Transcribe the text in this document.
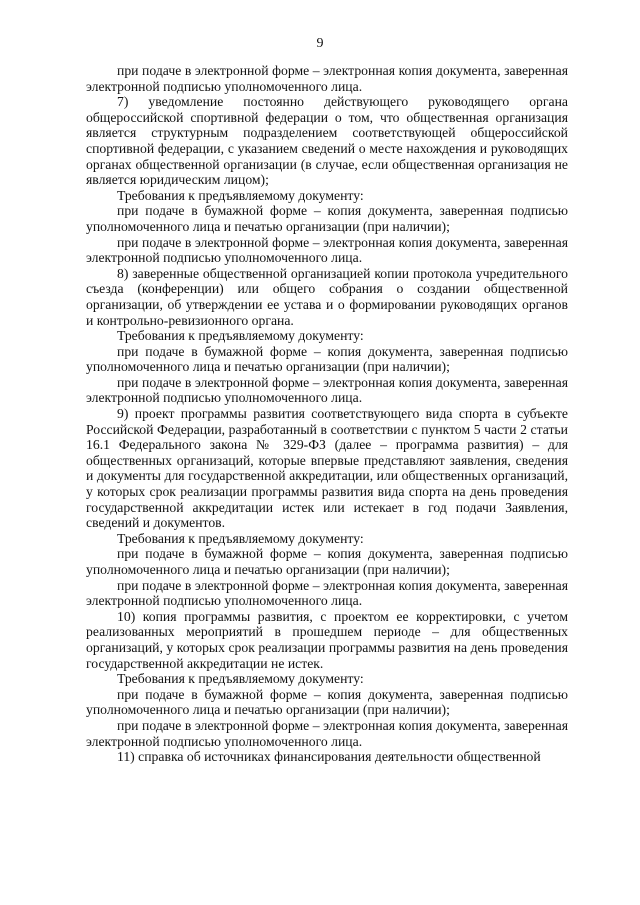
9

при подаче в электронной форме – электронная копия документа, заверенная электронной подписью уполномоченного лица.

7) уведомление постоянно действующего руководящего органа общероссийской спортивной федерации о том, что общественная организация является структурным подразделением соответствующей общероссийской спортивной федерации, с указанием сведений о месте нахождения и руководящих органах общественной организации (в случае, если общественная организация не является юридическим лицом);

Требования к предъявляемому документу:

при подаче в бумажной форме – копия документа, заверенная подписью уполномоченного лица и печатью организации (при наличии);

при подаче в электронной форме – электронная копия документа, заверенная электронной подписью уполномоченного лица.

8) заверенные общественной организацией копии протокола учредительного съезда (конференции) или общего собрания о создании общественной организации, об утверждении ее устава и о формировании руководящих органов и контрольно-ревизионного органа.

Требования к предъявляемому документу:

при подаче в бумажной форме – копия документа, заверенная подписью уполномоченного лица и печатью организации (при наличии);

при подаче в электронной форме – электронная копия документа, заверенная электронной подписью уполномоченного лица.

9) проект программы развития соответствующего вида спорта в субъекте Российской Федерации, разработанный в соответствии с пунктом 5 части 2 статьи 16.1 Федерального закона № 329-ФЗ (далее – программа развития) – для общественных организаций, которые впервые представляют заявления, сведения и документы для государственной аккредитации, или общественных организаций, у которых срок реализации программы развития вида спорта на день проведения государственной аккредитации истек или истекает в год подачи Заявления, сведений и документов.

Требования к предъявляемому документу:

при подаче в бумажной форме – копия документа, заверенная подписью уполномоченного лица и печатью организации (при наличии);

при подаче в электронной форме – электронная копия документа, заверенная электронной подписью уполномоченного лица.

10) копия программы развития, с проектом ее корректировки, с учетом реализованных мероприятий в прошедшем периоде – для общественных организаций, у которых срок реализации программы развития на день проведения государственной аккредитации не истек.

Требования к предъявляемому документу:

при подаче в бумажной форме – копия документа, заверенная подписью уполномоченного лица и печатью организации (при наличии);

при подаче в электронной форме – электронная копия документа, заверенная электронной подписью уполномоченного лица.

11) справка об источниках финансирования деятельности общественной
